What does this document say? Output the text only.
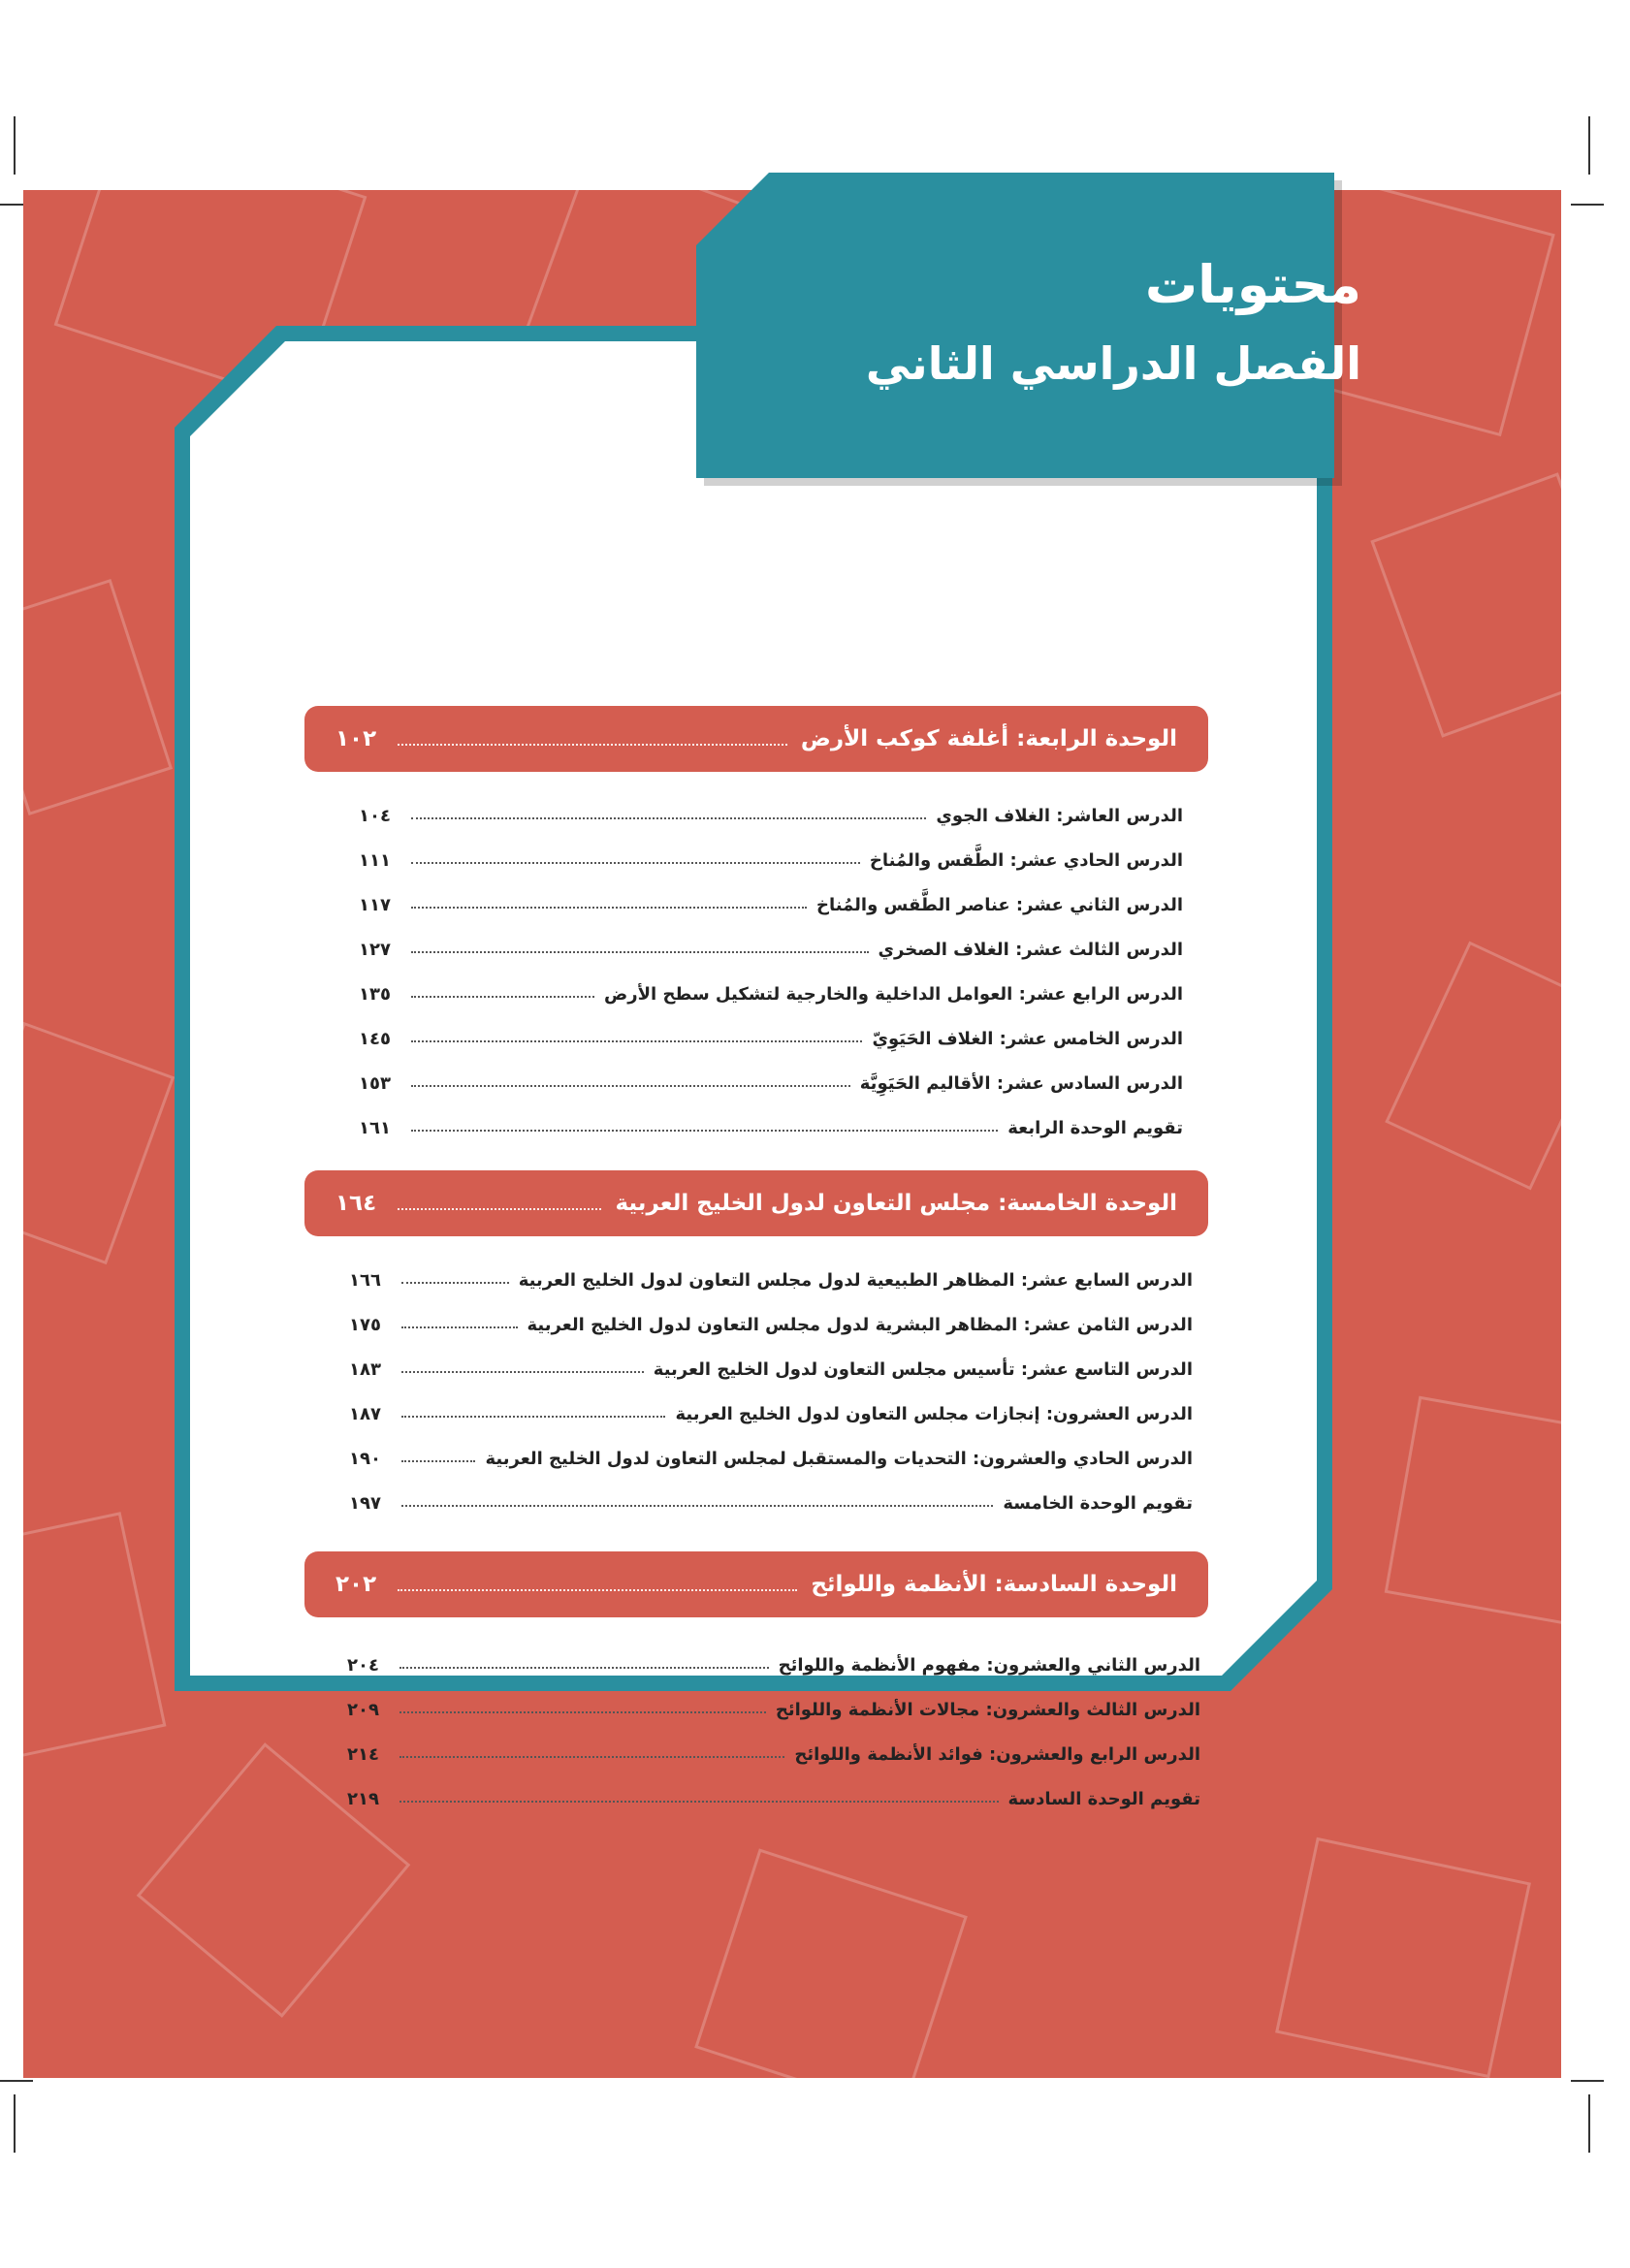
Ministry of Education
2024 - 1446
محتويات
الفصل الدراسي الثاني
الوحدة الرابعة: أغلفة كوكب الأرض
١٠٢
الدرس العاشر: الغلاف الجوي
١٠٤
الدرس الحادي عشر: الطَّقس والمُناخ
١١١
الدرس الثاني عشر: عناصر الطَّقس والمُناخ
١١٧
الدرس الثالث عشر: الغلاف الصخري
١٢٧
الدرس الرابع عشر: العوامل الداخلية والخارجية لتشكيل سطح الأرض
١٣٥
الدرس الخامس عشر: الغلاف الحَيَوِيّ
١٤٥
الدرس السادس عشر: الأقاليم الحَيَوِيَّة
١٥٣
تقويم الوحدة الرابعة
١٦١
الوحدة الخامسة: مجلس التعاون لدول الخليج العربية
١٦٤
الدرس السابع عشر: المظاهر الطبيعية لدول مجلس التعاون لدول الخليج العربية
١٦٦
الدرس الثامن عشر: المظاهر البشرية لدول مجلس التعاون لدول الخليج العربية
١٧٥
الدرس التاسع عشر: تأسيس مجلس التعاون لدول الخليج العربية
١٨٣
الدرس العشرون: إنجازات مجلس التعاون لدول الخليج العربية
١٨٧
الدرس الحادي والعشرون: التحديات والمستقبل لمجلس التعاون لدول الخليج العربية
١٩٠
تقويم الوحدة الخامسة
١٩٧
الوحدة السادسة: الأنظمة واللوائح
٢٠٢
الدرس الثاني والعشرون: مفهوم الأنظمة واللوائح
٢٠٤
الدرس الثالث والعشرون: مجالات الأنظمة واللوائح
٢٠٩
الدرس الرابع والعشرون: فوائد الأنظمة واللوائح
٢١٤
تقويم الوحدة السادسة
٢١٩
